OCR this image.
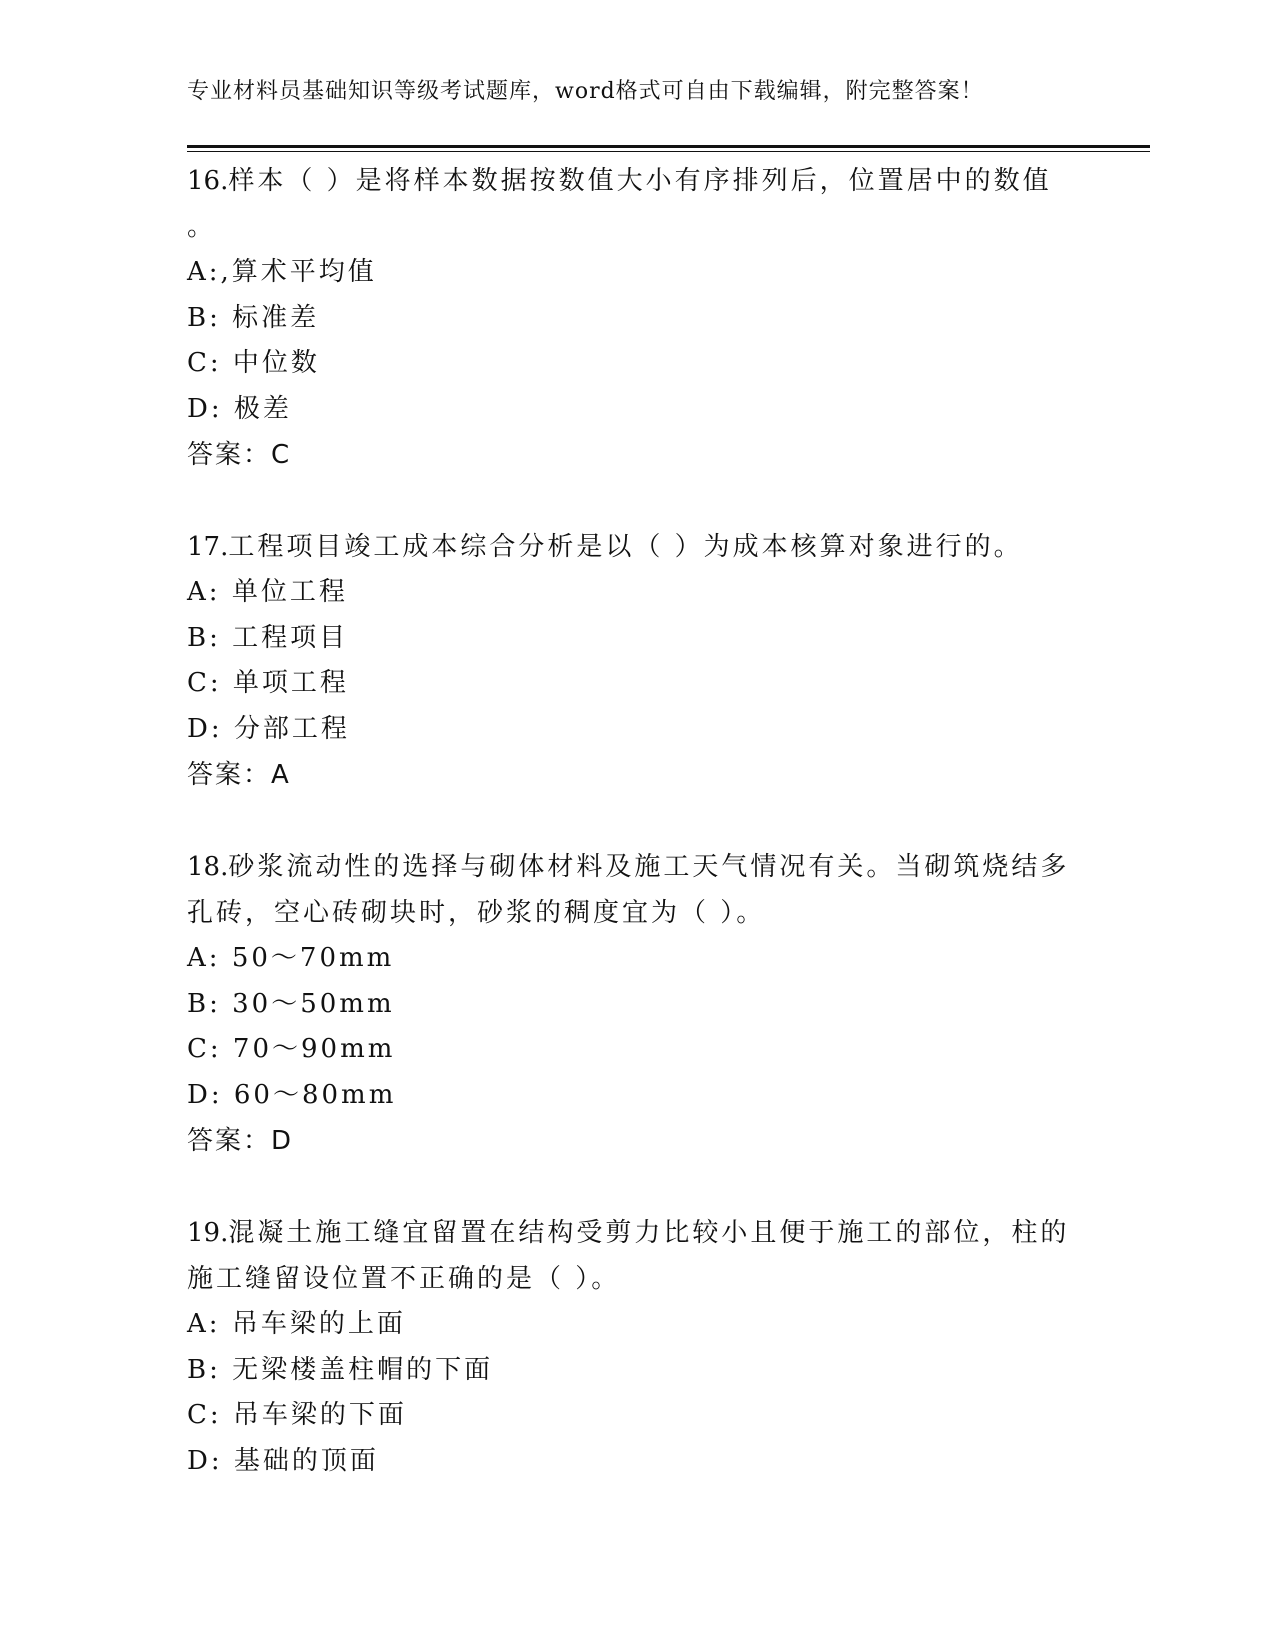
专业材料员基础知识等级考试题库，word格式可自由下载编辑，附完整答案！

16.样本（ ）是将样本数据按数值大小有序排列后，位置居中的数值

。

A:,算术平均值

B: 标准差

C: 中位数

D: 极差

答案：C

17.工程项目竣工成本综合分析是以（ ）为成本核算对象进行的。

A: 单位工程

B: 工程项目

C: 单项工程

D: 分部工程

答案：A

18.砂浆流动性的选择与砌体材料及施工天气情况有关。当砌筑烧结多

孔砖，空心砖砌块时，砂浆的稠度宜为（ ）。

A: 50～70mm

B: 30～50mm

C: 70～90mm

D: 60～80mm

答案：D

19.混凝土施工缝宜留置在结构受剪力比较小且便于施工的部位，柱的

施工缝留设位置不正确的是（ ）。

A: 吊车梁的上面

B: 无梁楼盖柱帽的下面

C: 吊车梁的下面

D: 基础的顶面
